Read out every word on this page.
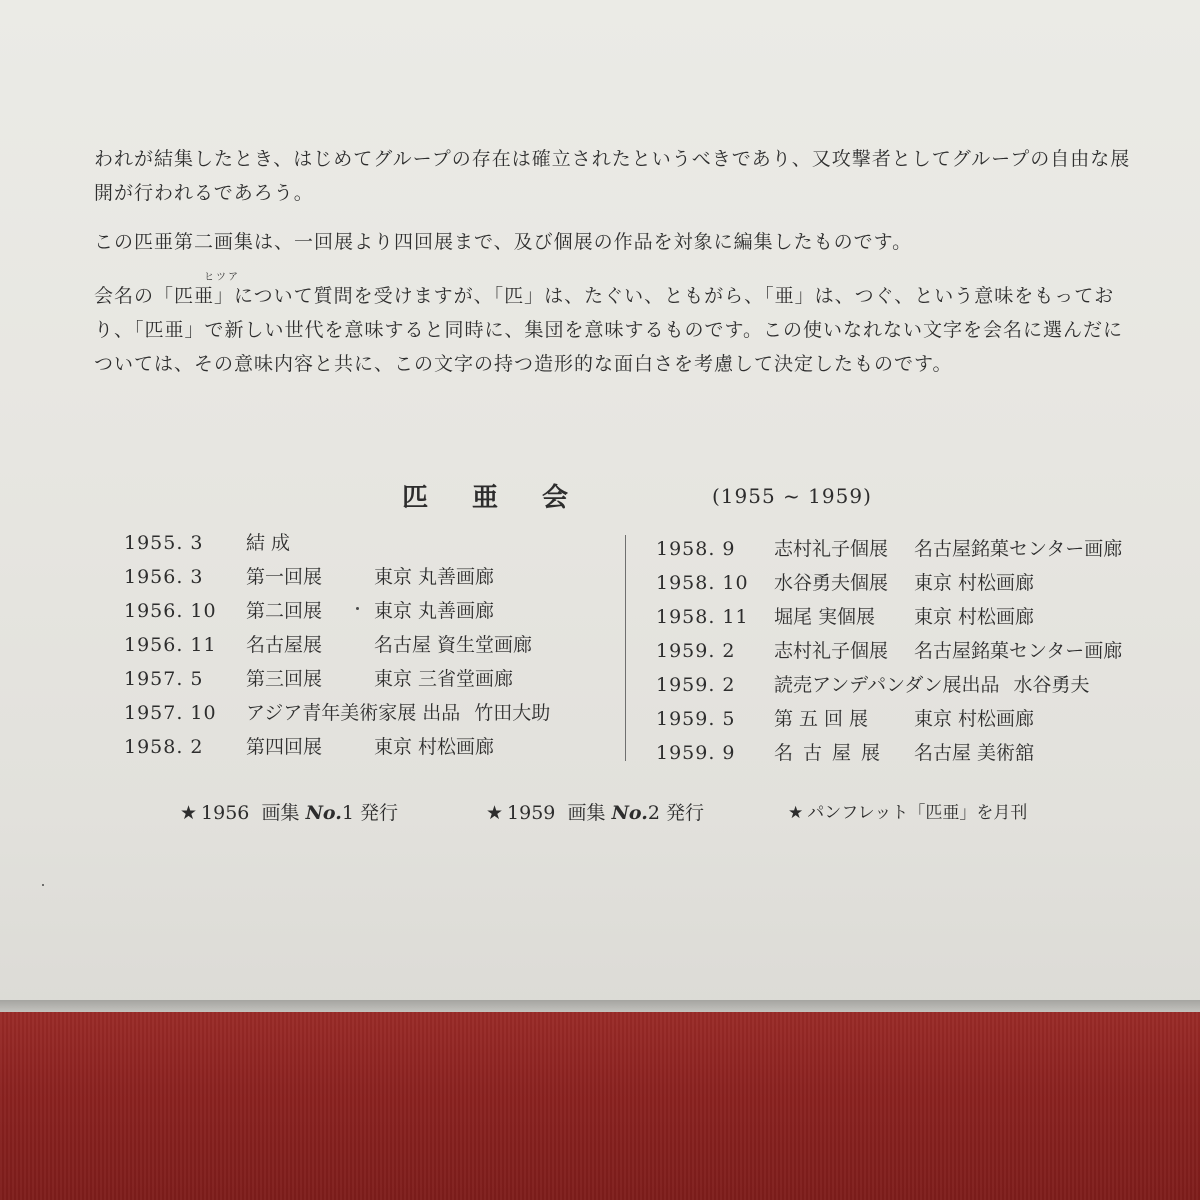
われが結集したとき、はじめてグループの存在は確立されたというべきであり、又攻撃者としてグループの自由な展
開が行われるであろう。

この匹亜第二画集は、一回展より四回展まで、及び個展の作品を対象に編集したものです。

ヒツア

会名の「匹亜」について質問を受けますが、「匹」は、たぐい、ともがら、「亜」は、つぐ、という意味をもってお
り、「匹亜」で新しい世代を意味すると同時に、集団を意味するものです。この使いなれない文字を会名に選んだに
ついては、その意味内容と共に、この文字の持つ造形的な面白さを考慮して決定したものです。

匹亜会	(1955 ~ 1959)
1955. 3 結 成
1956. 3 第一回展	東京 丸善画廊
1956. 10 第二回展	東京 丸善画廊
1956. 11 名古屋展	名古屋 資生堂画廊
1957. 5 第三回展	東京 三省堂画廊
1957. 10 アジア青年美術家展 出品 竹田大助
1958. 2 第四回展	東京 村松画廊
1958. 9 志村礼子個展 名古屋銘菓センター画廊
1958. 10 水谷勇夫個展 東京 村松画廊
1958. 11 堀尾 実個展 東京 村松画廊
1959. 2 志村礼子個展 名古屋銘菓センター画廊
1959. 2 読売アンデパンダン展出品 水谷勇夫
1959. 5 第五回展 東京 村松画廊
1959. 9 名古屋展 名古屋 美術舘
★ 1956 画集 No.1 発行	★ 1959 画集 No.2 発行	★ パンフレット「匹亜」を月刊
